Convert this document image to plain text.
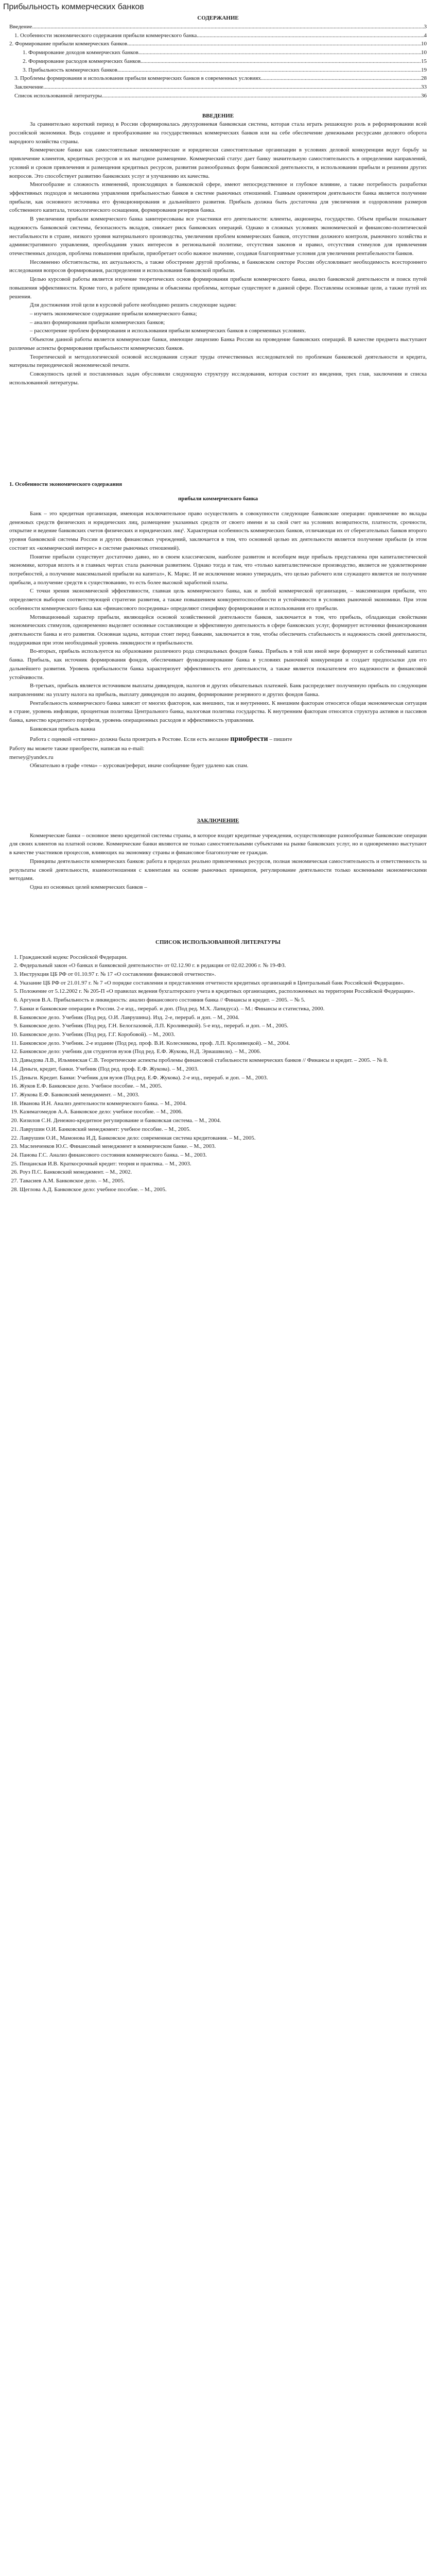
Прибыльность коммерческих банков
СОДЕРЖАНИЕ
Введение .....	3
1. Особенности экономического содержания прибыли коммерческого банка .....	4
2. Формирование прибыли коммерческих банков .....	10
1. Формирование доходов коммерческих банков .....	10
2. Формирование расходов коммерческих банков .....	15
3. Прибыльность коммерческих банков .....	19
3. Проблемы формирования и использования прибыли коммерческих банков в современных условиях .....	28
Заключение .....	33
Список использованной литературы .....	36
ВВЕДЕНИЕ

За сравнительно короткий период в России сформировалась двухуровневая банковская система, которая стала играть решающую роль в реформировании всей российской экономики. Ведь создание и преобразование на государственных коммерческих банков или на себе обеспечение денежными ресурсами делового оборота народного хозяйства страны.

Коммерческие банки как самостоятельные некоммерческие и юридически самостоятельные организации в условиях деловой конкуренции ведут борьбу за привлечение клиентов, кредитных ресурсов и их выгодное размещение. Коммерческий статус дает банку значительную самостоятельность в определении направлений, условий и сроков привлечения и размещения кредитных ресурсов, развития разнообразных форм банковской деятельности, в использовании прибыли и решении других вопросов. Это способствует развитию банковских услуг и улучшению их качества.

Многообразие и сложность изменений, происходящих в банковской сфере, имеют непосредственное и глубокое влияние, а также потребность разработки эффективных подходов и механизма управления прибыльностью банков в системе рыночных отношений. Главным ориентиром деятельности банка является получение прибыли, как основного источника его функционирования и дальнейшего развития. Прибыль должна быть достаточна для увеличения и оздоровления размеров собственного капитала, технологического оснащения, формирования резервов банка.

В увеличении прибыли коммерческого банка заинтересованы все участники его деятельности: клиенты, акционеры, государство. Объем прибыли показывает надежность банковской системы, безопасность вкладов, снижает риск банковских операций. Однако в сложных условиях экономической и финансово-политической нестабильности в стране, низкого уровня материального производства, увеличения проблем коммерческих банков, отсутствия должного контроля, рыночного хозяйства и административного управления, преобладания узких интересов в региональной политике, отсутствия законов и правил, отсутствия стимулов для привлечения отечественных доходов, проблема повышения прибыли, приобретает особо важное значение, создавая благоприятные условия для увеличения рентабельности банков.

Несомненно обстоятельства, их актуальность, а также обострение другой проблемы, в банковском секторе России обусловливает необходимость всестороннего исследования вопросов формирования, распределения и использования банковской прибыли.

Целью курсовой работы является изучение теоретических основ формирования прибыли коммерческого банка, анализ банковской деятельности и поиск путей повышения эффективности. Кроме того, в работе приведены и объяснены проблемы, которые существуют в данной сфере. Поставлены основные цели, а также путей их решения.

Для достижения этой цели в курсовой работе необходимо решить следующие задачи:

– изучить экономическое содержание прибыли коммерческого банка;

– анализ формирования прибыли коммерческих банков;

– рассмотрение проблем формирования и использования прибыли коммерческих банков в современных условиях.

Объектом данной работы является коммерческие банки, имеющие лицензию Банка России на проведение банковских операций. В качестве предмета выступают различные аспекты формирования прибыльности коммерческих банков.

Теоретической и методологической основой исследования служат труды отечественных исследователей по проблемам банковской деятельности и кредита, материалы периодической экономической печати.

Совокупность целей и поставленных задач обусловили следующую структуру исследования, которая состоит из введения, трех глав, заключения и списка использованной литературы.

1. Особенности экономического содержания
прибыли коммерческого банка

Банк – это кредитная организация, имеющая исключительное право осуществлять в совокупности следующие банковские операции: привлечение во вклады денежных средств физических и юридических лиц, размещение указанных средств от своего имени и за свой счет на условиях возвратности, платности, срочности, открытие и ведение банковских счетов физических и юридических лиц¹. Характерная особенность коммерческих банков, отличающая их от сберегательных банков второго уровня банковской системы России и других финансовых учреждений, заключается в том, что основной целью их деятельности является получение прибыли (в этом состоит их «коммерческий интерес» в системе рыночных отношений).

Понятие прибыли существует достаточно давно, но в своем классическом, наиболее развитом и всеобщем виде прибыль представлена при капиталистической экономике, которая вплоть и в главных чертах стала рыночная развитием. Однако тогда и там, что «только капиталистическое производство, является не удовлетворение потребностей, а получение максимальной прибыли на капитал», К. Маркс. И не исключение можно утверждать, что целью рабочего или служащего является не получение прибыли, а получение средств к существованию, то есть более высокой заработной платы.

С точки зрения экономической эффективности, главная цель коммерческого банка, как и любой коммерческой организации, – максимизация прибыли, что определяется выбором соответствующей стратегии развития, а также повышением конкурентоспособности и устойчивости в условиях рыночной экономики. При этом особенности коммерческого банка как «финансового посредника» определяют специфику формирования и использования его прибыли.

Мотивационный характер прибыли, являющейся основой хозяйственной деятельности банков, заключается в том, что прибыль, обладающая свойствами экономических стимулов, одновременно выделяет основные составляющие и эффективную деятельность в сфере банковских услуг, формирует источники финансирования деятельности банка и его развития. Основная задача, которая стоит перед банками, заключается в том, чтобы обеспечить стабильность и надежность своей деятельности, поддерживая при этом необходимый уровень ликвидности и прибыльности.

Во-вторых, прибыль используется на образование различного рода специальных фондов банка. Прибыль в той или иной мере формирует и собственный капитал банка. Прибыль, как источник формирования фондов, обеспечивает функционирование банка в условиях рыночной конкуренции и создает предпосылки для его дальнейшего развития. Уровень прибыльности банка характеризует эффективность его деятельности, а также является показателем его надежности и финансовой устойчивости.

В-третьих, прибыль является источником выплаты дивидендов, налогов и других обязательных платежей. Банк распределяет полученную прибыль по следующим направлениям: на уплату налога на прибыль, выплату дивидендов по акциям, формирование резервного и других фондов банка.

Рентабельность коммерческого банка зависит от многих факторов, как внешних, так и внутренних. К внешним факторам относятся общая экономическая ситуация в стране, уровень инфляции, процентная политика Центрального банка, налоговая политика государства. К внутренним факторам относятся структура активов и пассивов банка, качество кредитного портфеля, уровень операционных расходов и эффективность управления.

Банковская прибыль важна

Работа с оценкой «отлично» должна была проиграть в Ростове. Если есть желание приобрести – пишите

Работу вы можете также приобрести, написав на e-mail:

mersey@yandex.ru

Обязательно в графе «тема» – курсовая/реферат, иначе сообщение будет удалено как спам.

ЗАКЛЮЧЕНИЕ

Коммерческие банки – основное звено кредитной системы страны, в которое входят кредитные учреждения, осуществляющие разнообразные банковские операции для своих клиентов на платной основе. Коммерческие банки являются не только самостоятельными субъектами на рынке банковских услуг, но и одновременно выступают в качестве участников процессов, влияющих на экономику страны и финансовое благополучие ее граждан.

Принципы деятельности коммерческих банков: работа в пределах реально привлеченных ресурсов, полная экономическая самостоятельность и ответственность за результаты своей деятельности, взаимоотношения с клиентами на основе рыночных принципов, регулирование деятельности только косвенными экономическими методами.

Одна из основных целей коммерческих банков –

СПИСОК ИСПОЛЬЗОВАННОЙ ЛИТЕРАТУРЫ
1. Гражданский кодекс Российской Федерации.
2. Федеральный закон «О банках и банковской деятельности» от 02.12.90 г. в редакции от 02.02.2006 г. № 19-ФЗ.
3. Инструкция ЦБ РФ от 01.10.97 г. № 17 «О составлении финансовой отчетности».
4. Указание ЦБ РФ от 21.01.97 г. № 7 «О порядке составления и представления отчетности кредитных организаций в Центральный банк Российской Федерации».
5. Положение от 5.12.2002 г. № 205-П «О правилах ведения бухгалтерского учета в кредитных организациях, расположенных на территории Российской Федерации».
6. Аргунов В.А. Прибыльность и ликвидность: анализ финансового состояния банка // Финансы и кредит. – 2005. – № 5.
7. Банки и банковские операции в России. 2-е изд., перераб. и доп. (Под ред. М.Х. Лапидуса). – М.: Финансы и статистика, 2000.
8. Банковское дело. Учебник (Под ред. О.И. Лаврушина). Изд. 2-е, перераб. и доп. – М., 2004.
9. Банковское дело. Учебник (Под ред. Г.Н. Белоглазовой, Л.П. Кроливецкой). 5-е изд., перераб. и доп. – М., 2005.
10. Банковское дело. Учебник (Под ред. Г.Г. Коробовой). – М., 2003.
11. Банковское дело. Учебник. 2-е издание (Под ред. проф. В.И. Колесникова, проф. Л.П. Кроливецкой). – М., 2004.
12. Банковское дело: учебник для студентов вузов (Под ред. Е.Ф. Жукова, Н.Д. Эриашвили). – М., 2006.
13. Давыдова Л.В., Ильминская С.В. Теоретические аспекты проблемы финансовой стабильности коммерческих банков // Финансы и кредит. – 2005. – № 8.
14. Деньги, кредит, банки. Учебник (Под ред. проф. Е.Ф. Жукова). – М., 2003.
15. Деньги. Кредит. Банки: Учебник для вузов (Под ред. Е.Ф. Жукова). 2-е изд., перераб. и доп. – М., 2003.
16. Жуков Е.Ф. Банковское дело. Учебное пособие. – М., 2005.
17. Жукова Е.Ф. Банковский менеджмент. – М., 2003.
18. Иванова И.Н. Анализ деятельности коммерческого банка. – М., 2004.
19. Казимагомедов А.А. Банковское дело: учебное пособие. – М., 2006.
20. Кизилов С.Н. Денежно-кредитное регулирование и банковская система. – М., 2004.
21. Лаврушин О.И. Банковский менеджмент: учебное пособие. – М., 2005.
22. Лаврушин О.И., Мамонова И.Д. Банковское дело: современная система кредитования. – М., 2005.
23. Масленченков Ю.С. Финансовый менеджмент в коммерческом банке. – М., 2003.
24. Панова Г.С. Анализ финансового состояния коммерческого банка. – М., 2003.
25. Пещанская И.В. Краткосрочный кредит: теория и практика. – М., 2003.
26. Роуз П.С. Банковский менеджмент. – М., 2002.
27. Тавасиев А.М. Банковское дело. – М., 2005.
28. Щеглова А.Д. Банковское дело: учебное пособие. – М., 2005.
